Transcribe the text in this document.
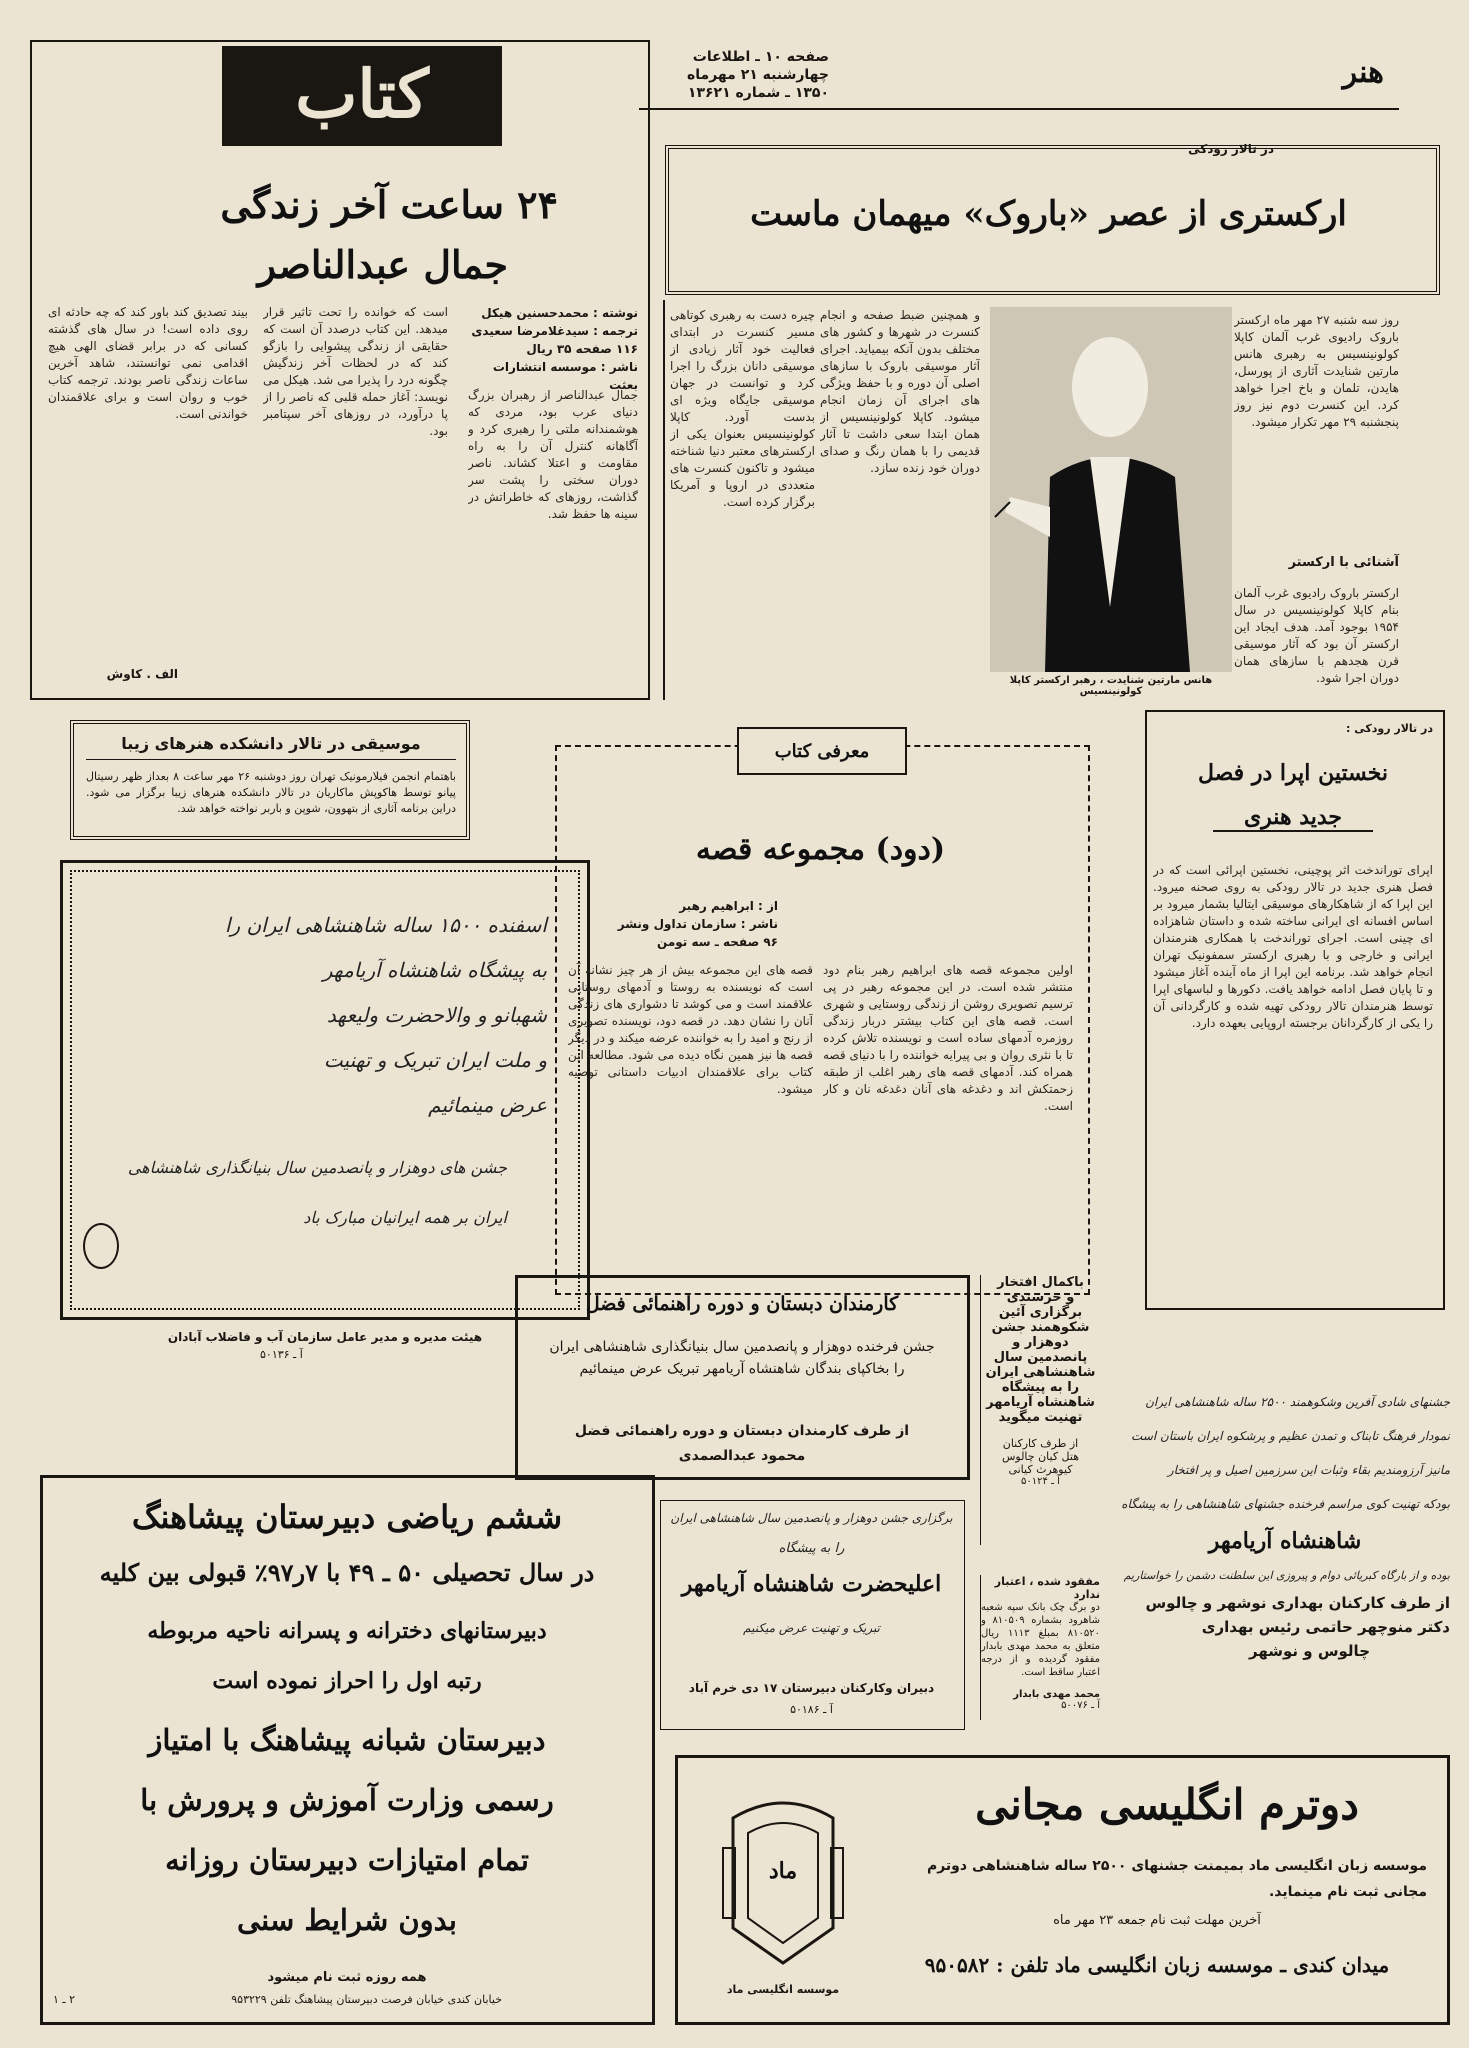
هنر
صفحه ۱۰ ـ اطلاعات
چهارشنبه ۲۱ مهرماه
۱۳۵۰ ـ شماره ۱۳۶۲۱
کتاب
۲۴ ساعت آخر زندگی
جمال عبدالناصر
نوشته : محمدحسنین هیکل
ترجمه : سیدغلامرضا سعیدی
۱۱۶ صفحه ۳۵ ریال
ناشر : موسسه انتشارات بعثت
جمال عبدالناصر از رهبران بزرگ دنیای عرب بود، مردی که هوشمندانه ملتی را رهبری کرد و آگاهانه کنترل آن را به راه مقاومت و اعتلا کشاند. ناصر دوران سختی را پشت سر گذاشت، روزهای که خاطراتش در سینه ها حفظ شد.
است که خوانده را تحت تاثیر قرار میدهد. این کتاب درصدد آن است که حقایقی از زندگی پیشوایی را بازگو کند که در لحظات آخر زندگیش چگونه درد را پذیرا می شد. هیکل می نویسد: آغاز حمله قلبی که ناصر را از پا درآورد، در روزهای آخر سپتامبر بود.
بیند تصدیق کند باور کند که چه حادثه ای روی داده است! در سال های گذشته کسانی که در برابر قضای الهی هیچ اقدامی نمی توانستند، شاهد آخرین ساعات زندگی ناصر بودند. ترجمه کتاب خوب و روان است و برای علاقمندان خواندنی است.
الف . کاوش
در تالار رودکی
ارکستری از عصر «باروک» میهمان ماست
روز سه شنبه ۲۷ مهر ماه ارکستر باروک رادیوی غرب آلمان کاپلا کولونینسیس به رهبری هانس مارتین شنایدت آثاری از پورسل، هایدن، تلمان و باخ اجرا خواهد کرد. این کنسرت دوم نیز روز پنجشنبه ۲۹ مهر تکرار میشود.
آشنائی با ارکستر
ارکستر باروک رادیوی غرب آلمان بنام کاپلا کولونینسیس در سال ۱۹۵۴ بوجود آمد. هدف ایجاد این ارکستر آن بود که آثار موسیقی قرن هجدهم با سازهای همان دوران اجرا شود.
هانس مارتین شنایدت ، رهبر ارکستر کاپلا کولونینسیس
و همچنین ضبط صفحه و انجام کنسرت در شهرها و کشور های مختلف بدون آنکه بیمیاید. اجرای آثار موسیقی باروک با سازهای اصلی آن دوره و با حفظ ویژگی های اجرای آن زمان انجام میشود. کاپلا کولونینسیس از همان ابتدا سعی داشت تا آثار قدیمی را با همان رنگ و صدای دوران خود زنده سازد.
چیره دست به رهبری کوتاهی مسیر کنسرت در ابتدای فعالیت خود آثار زیادی از موسیقی دانان بزرگ را اجرا کرد و توانست در جهان موسیقی جایگاه ویژه ای بدست آورد. کاپلا کولونینسیس بعنوان یکی از ارکسترهای معتبر دنیا شناخته میشود و تاکنون کنسرت های متعددی در اروپا و آمریکا برگزار کرده است.
موسیقی در تالار دانشکده هنرهای زیبا
باهتمام انجمن فیلارمونیک تهران روز دوشنبه ۲۶ مهر ساعت ۸ بعداز ظهر رسیتال پیانو توسط هاکوپش ماکاریان در تالار دانشکده هنرهای زیبا برگزار می شود. دراین برنامه آثاری از بتهوون، شوپن و باربر نواخته خواهد شد.
اسفنده ۱۵۰۰ ساله شاهنشاهی ایران را
به پیشگاه شاهنشاه آریامهر
شهبانو و والاحضرت ولیعهد
و ملت ایران تبریک و تهنیت
عرض مینمائیم
جشن های دوهزار و پانصدمین سال بنیانگذاری شاهنشاهی
ایران بر همه ایرانیان مبارک باد
هیئت مدیره و مدیر عامل سازمان آب و فاضلاب آبادان
آ ـ ۵۰۱۳۶
معرفی کتاب
(دود) مجموعه قصه
از : ابراهیم رهبر
ناشر : سازمان تداول ونشر
۹۶ صفحه ـ سه تومن
اولین مجموعه قصه های ابراهیم رهبر بنام دود منتشر شده است. در این مجموعه رهبر در پی ترسیم تصویری روشن از زندگی روستایی و شهری است. قصه های این کتاب بیشتر دربار زندگی روزمره آدمهای ساده است و نویسنده تلاش کرده تا با نثری روان و بی پیرایه خواننده را با دنیای قصه همراه کند. آدمهای قصه های رهبر اغلب از طبقه زحمتکش اند و دغدغه های آنان دغدغه نان و کار است.
قصه های این مجموعه بیش از هر چیز نشانه آن است که نویسنده به روستا و آدمهای روستایی علاقمند است و می کوشد تا دشواری های زندگی آنان را نشان دهد. در قصه دود، نویسنده تصویری از رنج و امید را به خواننده عرضه میکند و در دیگر قصه ها نیز همین نگاه دیده می شود. مطالعه این کتاب برای علاقمندان ادبیات داستانی توصیه میشود.
در تالار رودکی :
نخستین اپرا در فصل
جدید هنری
اپرای توراندخت اثر پوچینی، نخستین اپرائی است که در فصل هنری جدید در تالار رودکی به روی صحنه میرود. این اپرا که از شاهکارهای موسیقی ایتالیا بشمار میرود بر اساس افسانه ای ایرانی ساخته شده و داستان شاهزاده ای چینی است. اجرای توراندخت با همکاری هنرمندان ایرانی و خارجی و با رهبری ارکستر سمفونیک تهران انجام خواهد شد. برنامه این اپرا از ماه آینده آغاز میشود و تا پایان فصل ادامه خواهد یافت. دکورها و لباسهای اپرا توسط هنرمندان تالار رودکی تهیه شده و کارگردانی آن را یکی از کارگردانان برجسته اروپایی بعهده دارد.
کارمندان دبستان و دوره راهنمائی فضل
جشن فرخنده دوهزار و پانصدمین سال بنیانگذاری شاهنشاهی ایران را بخاکپای بندگان شاهنشاه آریامهر تبریک عرض مینمائیم
از طرف کارمندان دبستان و دوره راهنمائی فضل
محمود عبدالصمدی
باکمال افتخار
و خرسندی
برگزاری آئین
شکوهمند جشن
دوهزار و
پانصدمین سال
شاهنشاهی ایران
را به پیشگاه
شاهنشاه آریامهر
تهنیت میگوید
از طرف کارکنان
هتل کیان چالوس
کیوهرث کیانی
آ ـ ۵۰۱۲۴
مفقود شده ، اعتبار ندارد
دو برگ چک بانک سپه شعبه شاهرود بشماره ۸۱۰۵۰۹ و ۸۱۰۵۲۰ بمبلغ ۱۱۱۳ ریال متعلق به محمد مهدی بابدار مفقود گردیده و از درجه اعتبار ساقط است.
محمد مهدی بابدار
آ ـ ۵۰۰۷۶
برگزاری جشن دوهزار و پانصدمین سال شاهنشاهی ایران
را به پیشگاه
اعلیحضرت شاهنشاه آریامهر
تبریک و تهنیت عرض میکنیم
دبیران وکارکنان دبیرستان ۱۷ دی خرم آباد
آ ـ ۵۰۱۸۶
جشنهای شادی آفرین وشکوهمند ۲۵۰۰ ساله شاهنشاهی ایران
نمودار فرهنگ تابناک و تمدن عظیم و پرشکوه ایران باستان است
مانیز آرزومندیم بقاء وثبات این سرزمین اصیل و پر افتخار
بودکه تهنیت کوی مراسم فرخنده جشنهای شاهنشاهی را به پیشگاه
شاهنشاه آریامهر
بوده و از بارگاه کبریائی دوام و پیروزی این سلطنت دشمن را خواستاریم
از طرف کارکنان بهداری نوشهر و چالوس
دکتر منوچهر حاتمی رئیس بهداری
چالوس و نوشهر
ششم ریاضی دبیرستان پیشاهنگ
در سال تحصیلی ۵۰ ـ ۴۹ با ۷ر۹۷٪ قبولی بین کلیه
دبیرستانهای دخترانه و پسرانه ناحیه مربوطه
رتبه اول را احراز نموده است
دبیرستان شبانه پیشاهنگ با امتیاز
رسمی وزارت آموزش و پرورش با
تمام امتیازات دبیرستان روزانه
بدون شرایط سنی
همه روزه ثبت نام میشود
خیابان کندی خیابان فرصت دبیرستان پیشاهنگ تلفن ۹۵۳۲۲۹
۲ ـ ۱
دوترم انگلیسی مجانی
موسسه زبان انگلیسی ماد بمیمنت جشنهای ۲۵۰۰ ساله شاهنشاهی دوترم
مجانی ثبت نام مینماید.
آخرین مهلت ثبت نام جمعه ۲۳ مهر ماه
میدان کندی ـ موسسه زبان انگلیسی ماد تلفن : ۹۵۰۵۸۲
ماد
موسسه انگلیسی ماد
